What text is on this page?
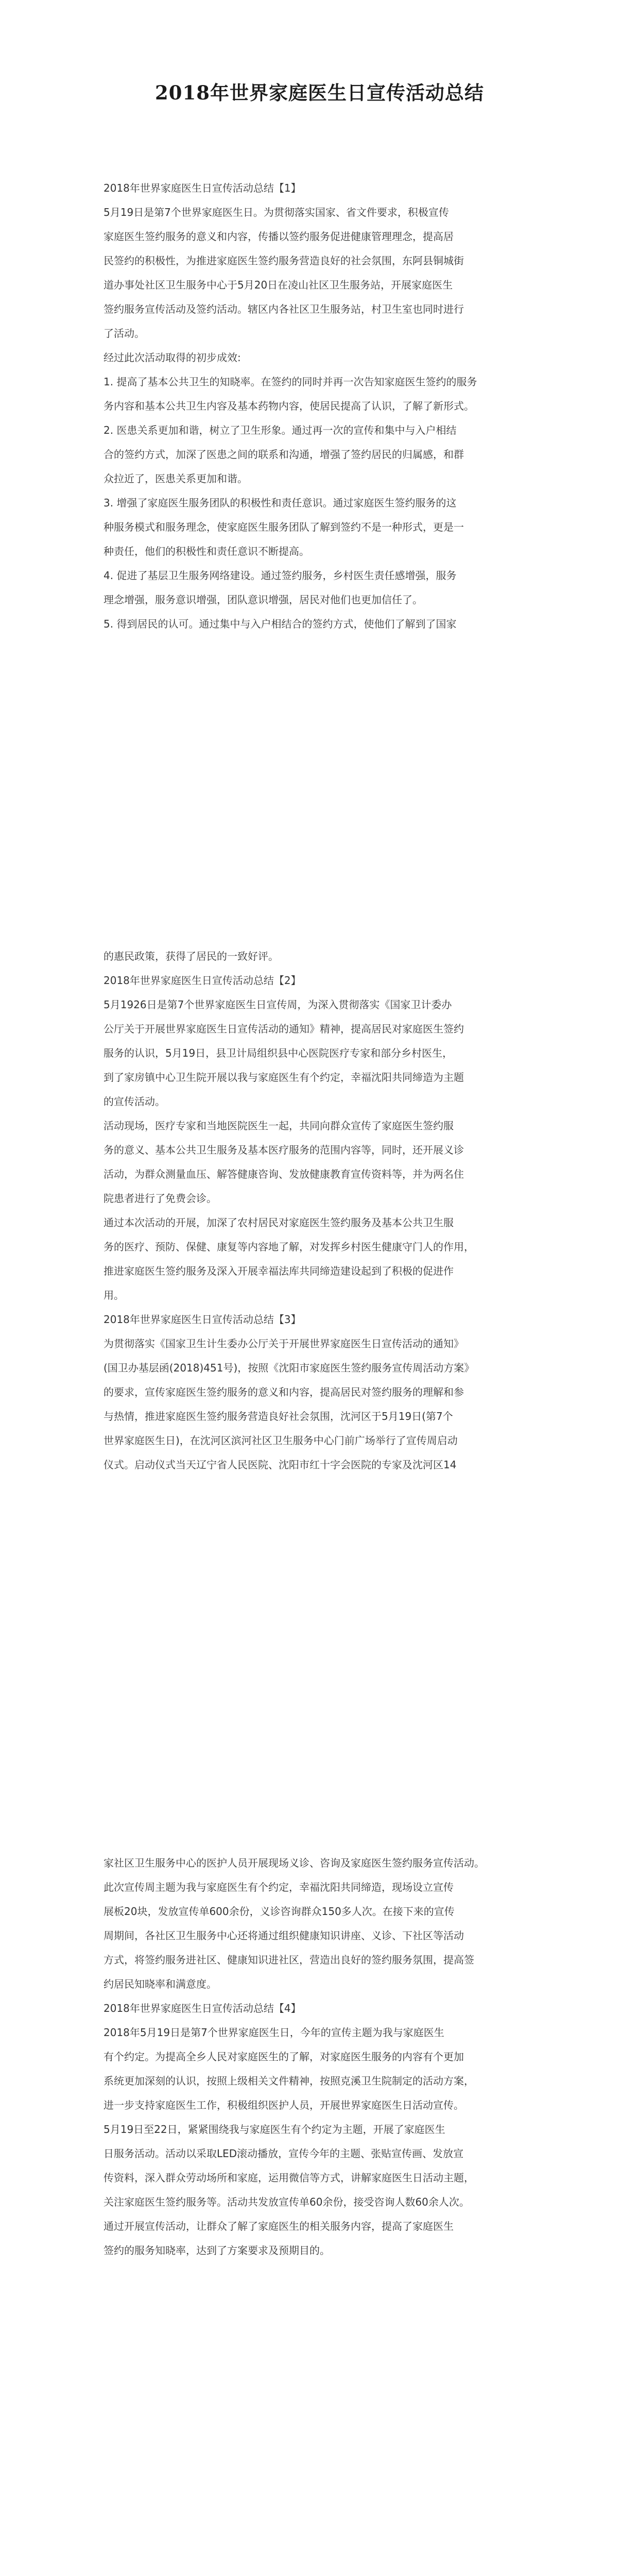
2018年世界家庭医生日宣传活动总结
2018年世界家庭医生日宣传活动总结【1】
5月19日是第7个世界家庭医生日。为贯彻落实国家、省文件要求，积极宣传
家庭医生签约服务的意义和内容，传播以签约服务促进健康管理理念，提高居
民签约的积极性，为推进家庭医生签约服务营造良好的社会氛围，东阿县铜城街
道办事处社区卫生服务中心于5月20日在凌山社区卫生服务站，开展家庭医生
签约服务宣传活动及签约活动。辖区内各社区卫生服务站，村卫生室也同时进行
了活动。
经过此次活动取得的初步成效:
1. 提高了基本公共卫生的知晓率。在签约的同时并再一次告知家庭医生签约的服务
务内容和基本公共卫生内容及基本药物内容，使居民提高了认识，了解了新形式。
2. 医患关系更加和谐，树立了卫生形象。通过再一次的宣传和集中与入户相结
合的签约方式，加深了医患之间的联系和沟通，增强了签约居民的归属感，和群
众拉近了，医患关系更加和谐。
3. 增强了家庭医生服务团队的积极性和责任意识。通过家庭医生签约服务的这
种服务模式和服务理念，使家庭医生服务团队了解到签约不是一种形式，更是一
种责任，他们的积极性和责任意识不断提高。
4. 促进了基层卫生服务网络建设。通过签约服务，乡村医生责任感增强，服务
理念增强，服务意识增强，团队意识增强，居民对他们也更加信任了。
5. 得到居民的认可。通过集中与入户相结合的签约方式，使他们了解到了国家
的惠民政策，获得了居民的一致好评。
2018年世界家庭医生日宣传活动总结【2】
5月1926日是第7个世界家庭医生日宣传周，为深入贯彻落实《国家卫计委办
公厅关于开展世界家庭医生日宣传活动的通知》精神，提高居民对家庭医生签约
服务的认识，5月19日，县卫计局组织县中心医院医疗专家和部分乡村医生，
到了家房镇中心卫生院开展以我与家庭医生有个约定，幸福沈阳共同缔造为主题
的宣传活动。
活动现场，医疗专家和当地医院医生一起，共同向群众宣传了家庭医生签约服
务的意义、基本公共卫生服务及基本医疗服务的范围内容等，同时，还开展义诊
活动，为群众测量血压、解答健康咨询、发放健康教育宣传资料等，并为两名住
院患者进行了免费会诊。
通过本次活动的开展，加深了农村居民对家庭医生签约服务及基本公共卫生服
务的医疗、预防、保健、康复等内容地了解，对发挥乡村医生健康守门人的作用，
推进家庭医生签约服务及深入开展幸福法库共同缔造建设起到了积极的促进作
用。
2018年世界家庭医生日宣传活动总结【3】
为贯彻落实《国家卫生计生委办公厅关于开展世界家庭医生日宣传活动的通知》
(国卫办基层函(2018)451号)，按照《沈阳市家庭医生签约服务宣传周活动方案》
的要求，宣传家庭医生签约服务的意义和内容，提高居民对签约服务的理解和参
与热情，推进家庭医生签约服务营造良好社会氛围，沈河区于5月19日(第7个
世界家庭医生日)，在沈河区滨河社区卫生服务中心门前广场举行了宣传周启动
仪式。启动仪式当天辽宁省人民医院、沈阳市红十字会医院的专家及沈河区14
家社区卫生服务中心的医护人员开展现场义诊、咨询及家庭医生签约服务宣传活动。
此次宣传周主题为我与家庭医生有个约定，幸福沈阳共同缔造，现场设立宣传
展板20块，发放宣传单600余份，义诊咨询群众150多人次。在接下来的宣传
周期间，各社区卫生服务中心还将通过组织健康知识讲座、义诊、下社区等活动
方式，将签约服务进社区、健康知识进社区，营造出良好的签约服务氛围，提高签
约居民知晓率和满意度。
2018年世界家庭医生日宣传活动总结【4】
2018年5月19日是第7个世界家庭医生日，今年的宣传主题为我与家庭医生
有个约定。为提高全乡人民对家庭医生的了解，对家庭医生服务的内容有个更加
系统更加深刻的认识，按照上级相关文件精神，按照克溪卫生院制定的活动方案，
进一步支持家庭医生工作，积极组织医护人员，开展世界家庭医生日活动宣传。
5月19日至22日，紧紧围绕我与家庭医生有个约定为主题，开展了家庭医生
日服务活动。活动以采取LED滚动播放，宣传今年的主题、张贴宣传画、发放宣
传资料，深入群众劳动场所和家庭，运用微信等方式，讲解家庭医生日活动主题，
关注家庭医生签约服务等。活动共发放宣传单60余份，接受咨询人数60余人次。
通过开展宣传活动，让群众了解了家庭医生的相关服务内容，提高了家庭医生
签约的服务知晓率，达到了方案要求及预期目的。
